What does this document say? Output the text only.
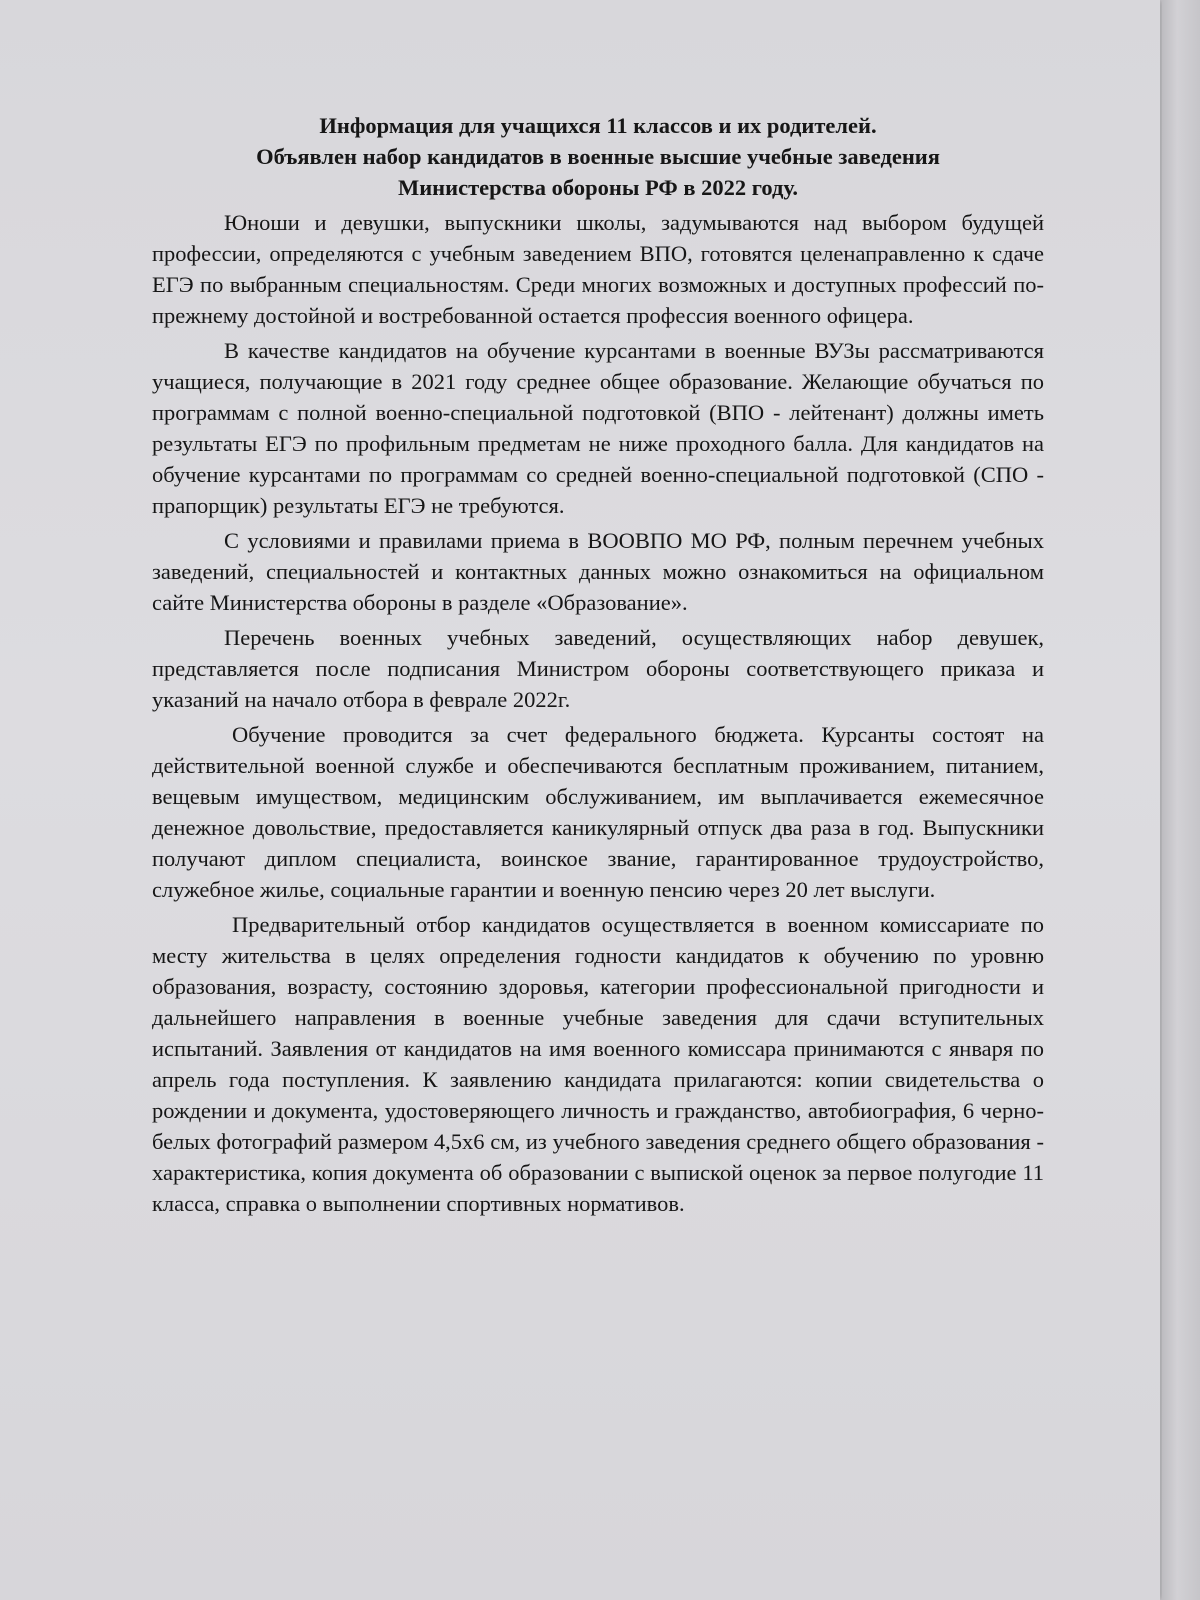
Информация для учащихся 11 классов и их родителей.
Объявлен набор кандидатов в военные высшие учебные заведения
Министерства обороны РФ в 2022 году.

Юноши и девушки, выпускники школы, задумываются над выбором будущей профессии, определяются с учебным заведением ВПО, готовятся целенаправленно к сдаче ЕГЭ по выбранным специальностям. Среди многих возможных и доступных профессий по-прежнему достойной и востребованной остается профессия военного офицера.

В качестве кандидатов на обучение курсантами в военные ВУЗы рассматриваются учащиеся, получающие в 2021 году среднее общее образование. Желающие обучаться по программам с полной военно-специальной подготовкой (ВПО - лейтенант) должны иметь результаты ЕГЭ по профильным предметам не ниже проходного балла. Для кандидатов на обучение курсантами по программам со средней военно-специальной подготовкой (СПО - прапорщик) результаты ЕГЭ не требуются.

С условиями и правилами приема в ВООВПО МО РФ, полным перечнем учебных заведений, специальностей и контактных данных можно ознакомиться на официальном сайте Министерства обороны в разделе «Образование».

Перечень военных учебных заведений, осуществляющих набор девушек, представляется после подписания Министром обороны соответствующего приказа и указаний на начало отбора в феврале 2022г.

Обучение проводится за счет федерального бюджета. Курсанты состоят на действительной военной службе и обеспечиваются бесплатным проживанием, питанием, вещевым имуществом, медицинским обслуживанием, им выплачивается ежемесячное денежное довольствие, предоставляется каникулярный отпуск два раза в год. Выпускники получают диплом специалиста, воинское звание, гарантированное трудоустройство, служебное жилье, социальные гарантии и военную пенсию через 20 лет выслуги.

Предварительный отбор кандидатов осуществляется в военном комиссариате по месту жительства в целях определения годности кандидатов к обучению по уровню образования, возрасту, состоянию здоровья, категории профессиональной пригодности и дальнейшего направления в военные учебные заведения для сдачи вступительных испытаний. Заявления от кандидатов на имя военного комиссара принимаются с января по апрель года поступления. К заявлению кандидата прилагаются: копии свидетельства о рождении и документа, удостоверяющего личность и гражданство, автобиография, 6 черно-белых фотографий размером 4,5х6 см, из учебного заведения среднего общего образования - характеристика, копия документа об образовании с выпиской оценок за первое полугодие 11 класса, справка о выполнении спортивных нормативов.
